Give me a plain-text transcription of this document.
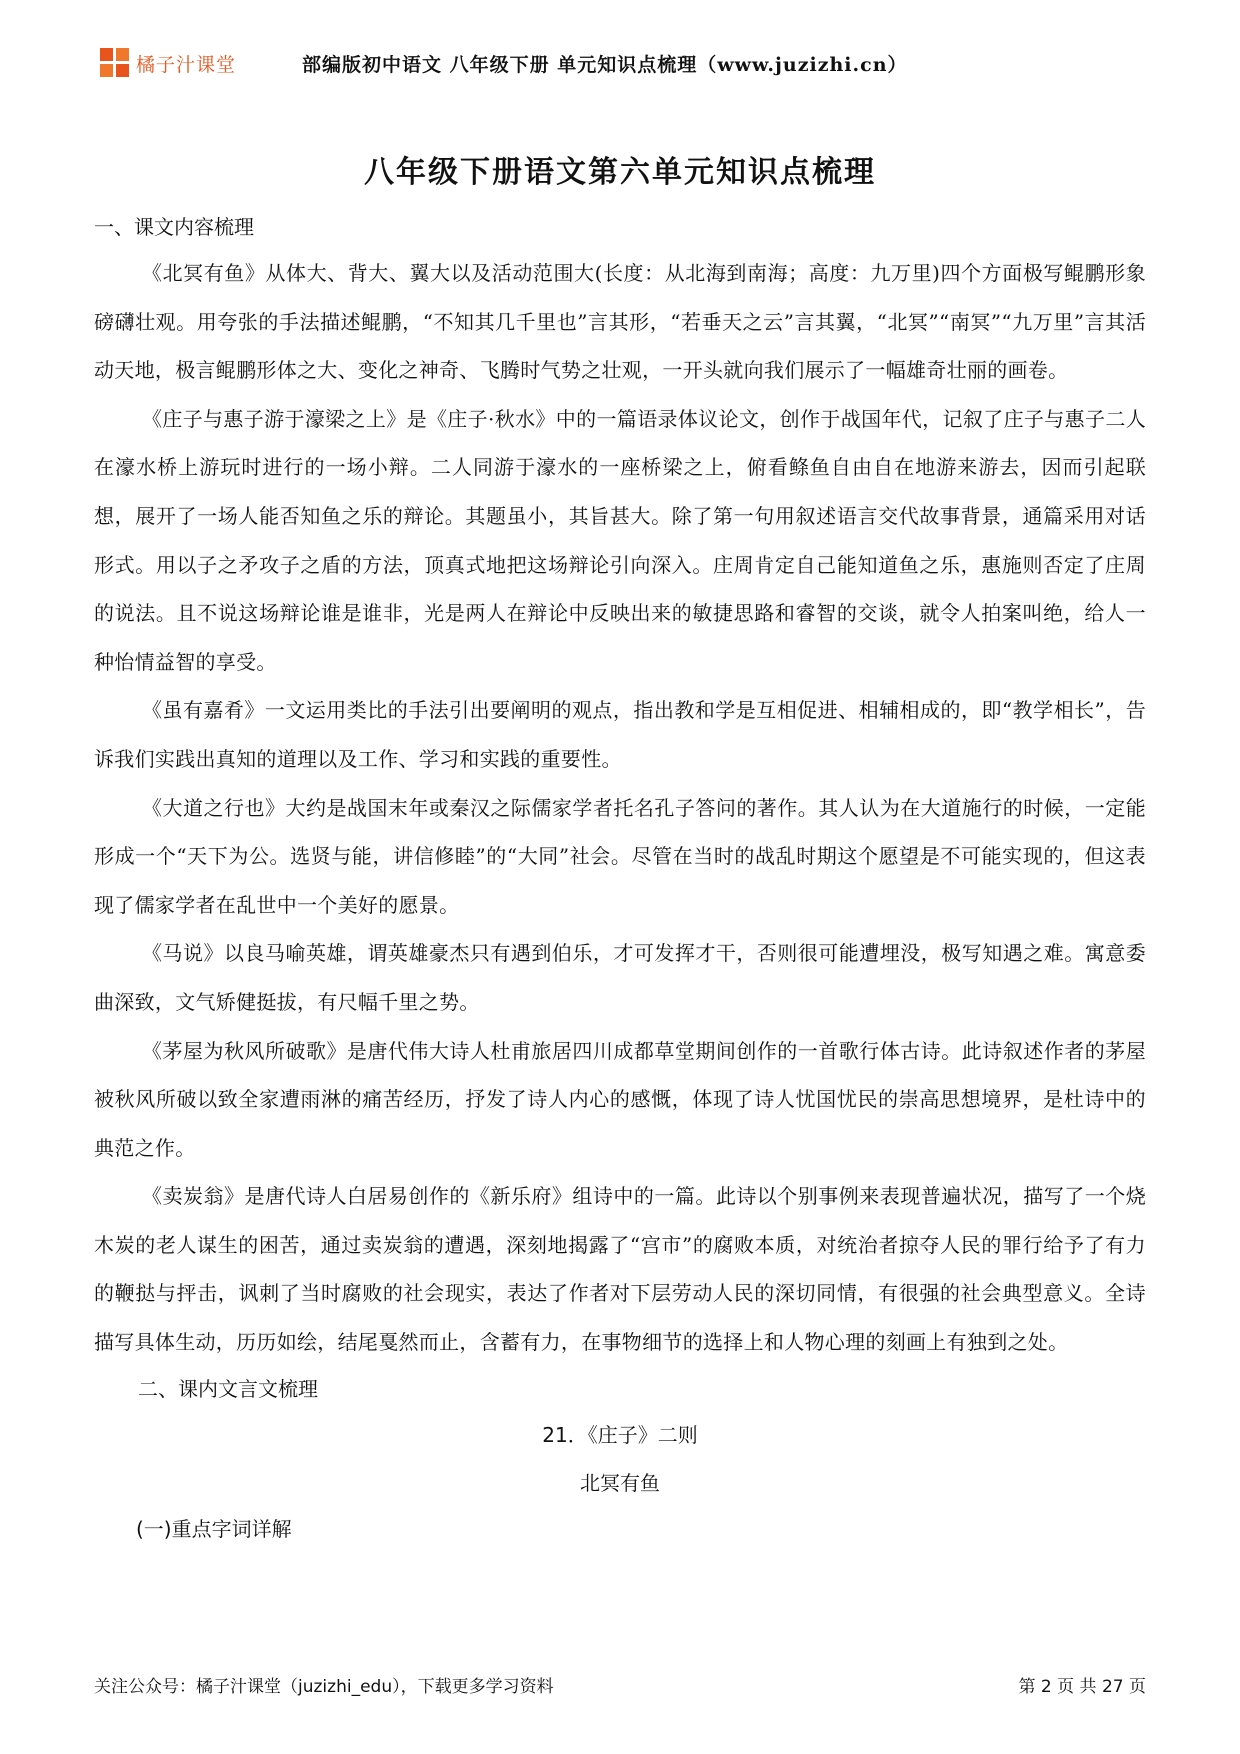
橘子汁课堂	部编版初中语文 八年级下册 单元知识点梳理（www.juzizhi.cn）
八年级下册语文第六单元知识点梳理

一、课文内容梳理

《北冥有鱼》从体大、背大、翼大以及活动范围大(长度：从北海到南海；高度：九万里)四个方面极写鲲鹏形象磅礴壮观。用夸张的手法描述鲲鹏，“不知其几千里也”言其形，“若垂天之云”言其翼，“北冥”“南冥”“九万里”言其活动天地，极言鲲鹏形体之大、变化之神奇、飞腾时气势之壮观，一开头就向我们展示了一幅雄奇壮丽的画卷。

《庄子与惠子游于濠梁之上》是《庄子·秋水》中的一篇语录体议论文，创作于战国年代，记叙了庄子与惠子二人在濠水桥上游玩时进行的一场小辩。二人同游于濠水的一座桥梁之上，俯看鲦鱼自由自在地游来游去，因而引起联想，展开了一场人能否知鱼之乐的辩论。其题虽小，其旨甚大。除了第一句用叙述语言交代故事背景，通篇采用对话形式。用以子之矛攻子之盾的方法，顶真式地把这场辩论引向深入。庄周肯定自己能知道鱼之乐，惠施则否定了庄周的说法。且不说这场辩论谁是谁非，光是两人在辩论中反映出来的敏捷思路和睿智的交谈，就令人拍案叫绝，给人一种怡情益智的享受。

《虽有嘉肴》一文运用类比的手法引出要阐明的观点，指出教和学是互相促进、相辅相成的，即“教学相长”，告诉我们实践出真知的道理以及工作、学习和实践的重要性。

《大道之行也》大约是战国末年或秦汉之际儒家学者托名孔子答问的著作。其人认为在大道施行的时候，一定能形成一个“天下为公。选贤与能，讲信修睦”的“大同”社会。尽管在当时的战乱时期这个愿望是不可能实现的，但这表现了儒家学者在乱世中一个美好的愿景。

《马说》以良马喻英雄，谓英雄豪杰只有遇到伯乐，才可发挥才干，否则很可能遭埋没，极写知遇之难。寓意委曲深致，文气矫健挺拔，有尺幅千里之势。

《茅屋为秋风所破歌》是唐代伟大诗人杜甫旅居四川成都草堂期间创作的一首歌行体古诗。此诗叙述作者的茅屋被秋风所破以致全家遭雨淋的痛苦经历，抒发了诗人内心的感慨，体现了诗人忧国忧民的崇高思想境界，是杜诗中的典范之作。

《卖炭翁》是唐代诗人白居易创作的《新乐府》组诗中的一篇。此诗以个别事例来表现普遍状况，描写了一个烧木炭的老人谋生的困苦，通过卖炭翁的遭遇，深刻地揭露了“宫市”的腐败本质，对统治者掠夺人民的罪行给予了有力的鞭挞与抨击，讽刺了当时腐败的社会现实，表达了作者对下层劳动人民的深切同情，有很强的社会典型意义。全诗描写具体生动，历历如绘，结尾戛然而止，含蓄有力，在事物细节的选择上和人物心理的刻画上有独到之处。

二、课内文言文梳理

21．《庄子》二则

北冥有鱼

(一)重点字词详解

关注公众号：橘子汁课堂（juzizhi_edu），下载更多学习资料	第 2 页 共 27 页
